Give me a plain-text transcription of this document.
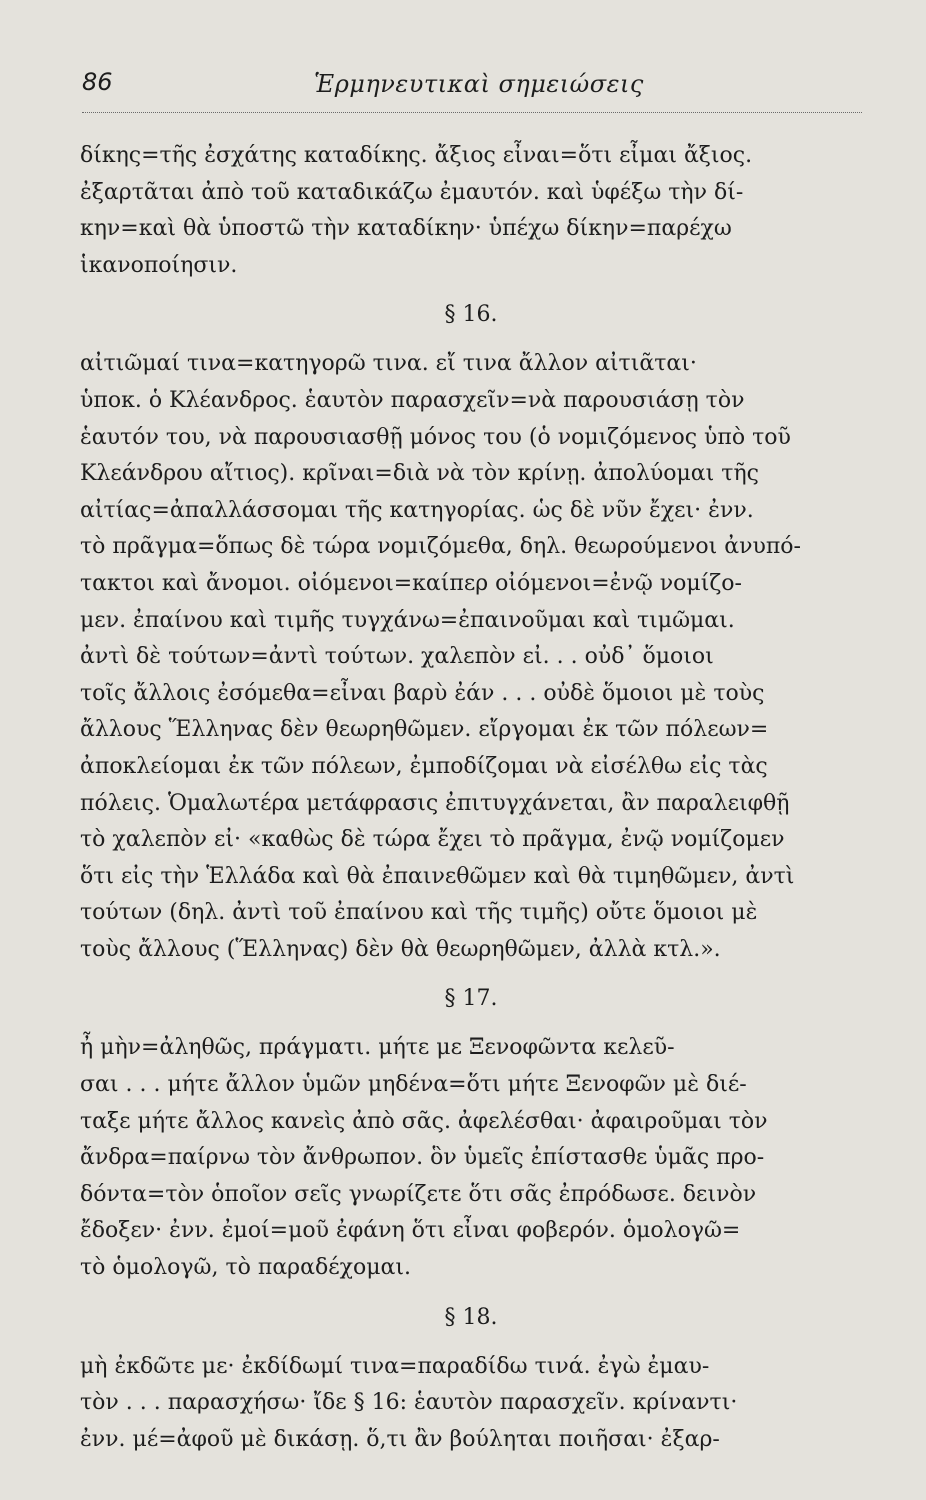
86	Ἑρμηνευτικαὶ σημειώσεις
δίκης=τῆς ἐσχάτης καταδίκης. ἄξιος εἶναι=ὅτι εἶμαι ἄξιος.
ἐξαρτᾶται ἀπὸ τοῦ καταδικάζω ἐμαυτόν. καὶ ὑφέξω τὴν δί-
κην=καὶ θὰ ὑποστῶ τὴν καταδίκην· ὑπέχω δίκην=παρέχω
ἱκανοποίησιν.
§ 16.
αἰτιῶμαί τινα=κατηγορῶ τινα. εἴ τινα ἄλλον αἰτιᾶται·
ὑποκ. ὁ Κλέανδρος. ἑαυτὸν παρασχεῖν=νὰ παρουσιάσῃ τὸν
ἑαυτόν του, νὰ παρουσιασθῇ μόνος του (ὁ νομιζόμενος ὑπὸ τοῦ
Κλεάνδρου αἴτιος). κρῖναι=διὰ νὰ τὸν κρίνῃ. ἀπολύομαι τῆς
αἰτίας=ἀπαλλάσσομαι τῆς κατηγορίας. ὡς δὲ νῦν ἔχει· ἐνν.
τὸ πρᾶγμα=ὅπως δὲ τώρα νομιζόμεθα, δηλ. θεωρούμενοι ἀνυπό-
τακτοι καὶ ἄνομοι. οἰόμενοι=καίπερ οἰόμενοι=ἐνῷ νομίζο-
μεν. ἐπαίνου καὶ τιμῆς τυγχάνω=ἐπαινοῦμαι καὶ τιμῶμαι.
ἀντὶ δὲ τούτων=ἀντὶ τούτων. χαλεπὸν εἰ. . . οὐδ᾽ ὅμοιοι
τοῖς ἄλλοις ἐσόμεθα=εἶναι βαρὺ ἐάν . . . οὐδὲ ὅμοιοι μὲ τοὺς
ἄλλους Ἕλληνας δὲν θεωρηθῶμεν. εἴργομαι ἐκ τῶν πόλεων=
ἀποκλείομαι ἐκ τῶν πόλεων, ἐμποδίζομαι νὰ εἰσέλθω εἰς τὰς
πόλεις. Ὁμαλωτέρα μετάφρασις ἐπιτυγχάνεται, ἂν παραλειφθῇ
τὸ χαλεπὸν εἰ· «καθὼς δὲ τώρα ἔχει τὸ πρᾶγμα, ἐνῷ νομίζομεν
ὅτι εἰς τὴν Ἑλλάδα καὶ θὰ ἐπαινεθῶμεν καὶ θὰ τιμηθῶμεν, ἀντὶ
τούτων (δηλ. ἀντὶ τοῦ ἐπαίνου καὶ τῆς τιμῆς) οὔτε ὅμοιοι μὲ
τοὺς ἄλλους (Ἕλληνας) δὲν θὰ θεωρηθῶμεν, ἀλλὰ κτλ.».
§ 17.
ἦ μὴν=ἀληθῶς, πράγματι. μήτε με Ξενοφῶντα κελεῦ-
σαι . . . μήτε ἄλλον ὑμῶν μηδένα=ὅτι μήτε Ξενοφῶν μὲ διέ-
ταξε μήτε ἄλλος κανεὶς ἀπὸ σᾶς. ἀφελέσθαι· ἀφαιροῦμαι τὸν
ἄνδρα=παίρνω τὸν ἄνθρωπον. ὃν ὑμεῖς ἐπίστασθε ὑμᾶς προ-
δόντα=τὸν ὁποῖον σεῖς γνωρίζετε ὅτι σᾶς ἐπρόδωσε. δεινὸν
ἔδοξεν· ἐνν. ἐμοί=μοῦ ἐφάνη ὅτι εἶναι φοβερόν. ὁμολογῶ=
τὸ ὁμολογῶ, τὸ παραδέχομαι.
§ 18.
μὴ ἐκδῶτε με· ἐκδίδωμί τινα=παραδίδω τινά. ἐγὼ ἐμαυ-
τὸν . . . παρασχήσω· ἴδε § 16: ἑαυτὸν παρασχεῖν. κρίναντι·
ἐνν. μέ=ἀφοῦ μὲ δικάσῃ. ὅ,τι ἂν βούληται ποιῆσαι· ἐξαρ-
